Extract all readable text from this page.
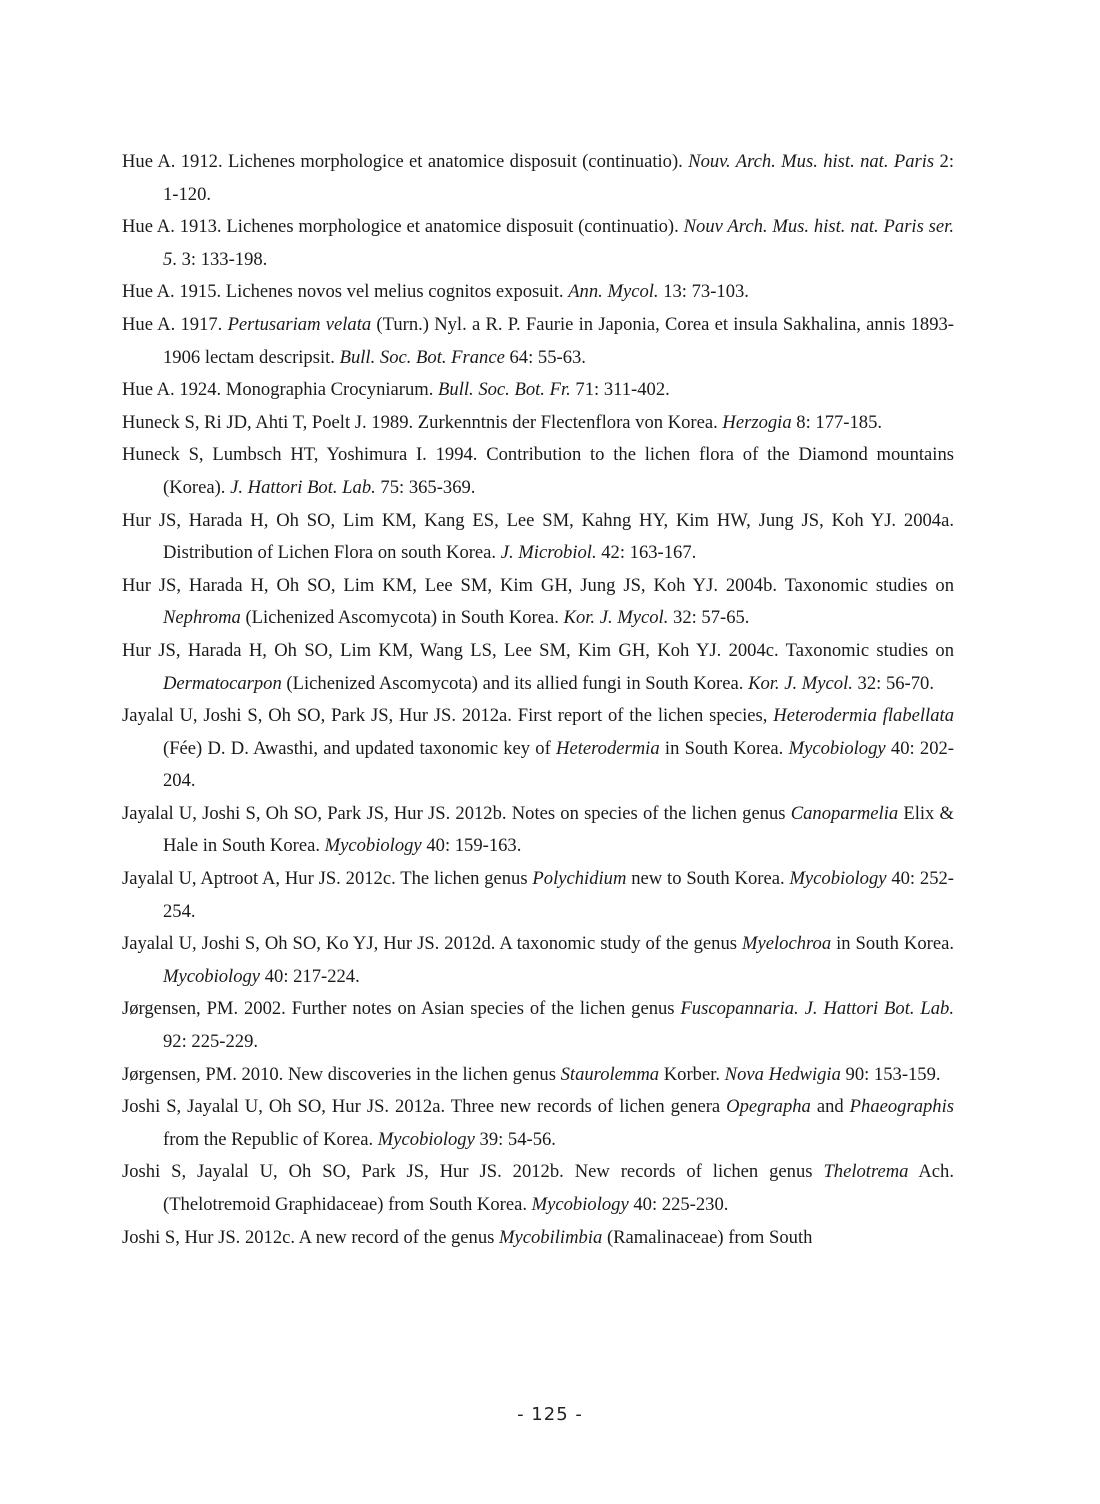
Hue A. 1912. Lichenes morphologice et anatomice disposuit (continuatio). Nouv. Arch. Mus. hist. nat. Paris 2: 1-120.

Hue A. 1913. Lichenes morphologice et anatomice disposuit (continuatio). Nouv Arch. Mus. hist. nat. Paris ser. 5. 3: 133-198.

Hue A. 1915. Lichenes novos vel melius cognitos exposuit. Ann. Mycol. 13: 73-103.

Hue A. 1917. Pertusariam velata (Turn.) Nyl. a R. P. Faurie in Japonia, Corea et insula Sakhalina, annis 1893-1906 lectam descripsit. Bull. Soc. Bot. France 64: 55-63.

Hue A. 1924. Monographia Crocyniarum. Bull. Soc. Bot. Fr. 71: 311-402.

Huneck S, Ri JD, Ahti T, Poelt J. 1989. Zurkenntnis der Flectenflora von Korea. Herzogia 8: 177-185.

Huneck S, Lumbsch HT, Yoshimura I. 1994. Contribution to the lichen flora of the Diamond mountains (Korea). J. Hattori Bot. Lab. 75: 365-369.

Hur JS, Harada H, Oh SO, Lim KM, Kang ES, Lee SM, Kahng HY, Kim HW, Jung JS, Koh YJ. 2004a. Distribution of Lichen Flora on south Korea. J. Microbiol. 42: 163-167.

Hur JS, Harada H, Oh SO, Lim KM, Lee SM, Kim GH, Jung JS, Koh YJ. 2004b. Taxonomic studies on Nephroma (Lichenized Ascomycota) in South Korea. Kor. J. Mycol. 32: 57-65.

Hur JS, Harada H, Oh SO, Lim KM, Wang LS, Lee SM, Kim GH, Koh YJ. 2004c. Taxonomic studies on Dermatocarpon (Lichenized Ascomycota) and its allied fungi in South Korea. Kor. J. Mycol. 32: 56-70.

Jayalal U, Joshi S, Oh SO, Park JS, Hur JS. 2012a. First report of the lichen species, Heterodermia flabellata (Fée) D. D. Awasthi, and updated taxonomic key of Heterodermia in South Korea. Mycobiology 40: 202-204.

Jayalal U, Joshi S, Oh SO, Park JS, Hur JS. 2012b. Notes on species of the lichen genus Canoparmelia Elix & Hale in South Korea. Mycobiology 40: 159-163.

Jayalal U, Aptroot A, Hur JS. 2012c. The lichen genus Polychidium new to South Korea. Mycobiology 40: 252-254.

Jayalal U, Joshi S, Oh SO, Ko YJ, Hur JS. 2012d. A taxonomic study of the genus Myelochroa in South Korea. Mycobiology 40: 217-224.

Jørgensen, PM. 2002. Further notes on Asian species of the lichen genus Fuscopannaria. J. Hattori Bot. Lab. 92: 225-229.

Jørgensen, PM. 2010. New discoveries in the lichen genus Staurolemma Korber. Nova Hedwigia 90: 153-159.

Joshi S, Jayalal U, Oh SO, Hur JS. 2012a. Three new records of lichen genera Opegrapha and Phaeographis from the Republic of Korea. Mycobiology 39: 54-56.

Joshi S, Jayalal U, Oh SO, Park JS, Hur JS. 2012b. New records of lichen genus Thelotrema Ach. (Thelotremoid Graphidaceae) from South Korea. Mycobiology 40: 225-230.

Joshi S, Hur JS. 2012c. A new record of the genus Mycobilimbia (Ramalinaceae) from South

- 125 -
